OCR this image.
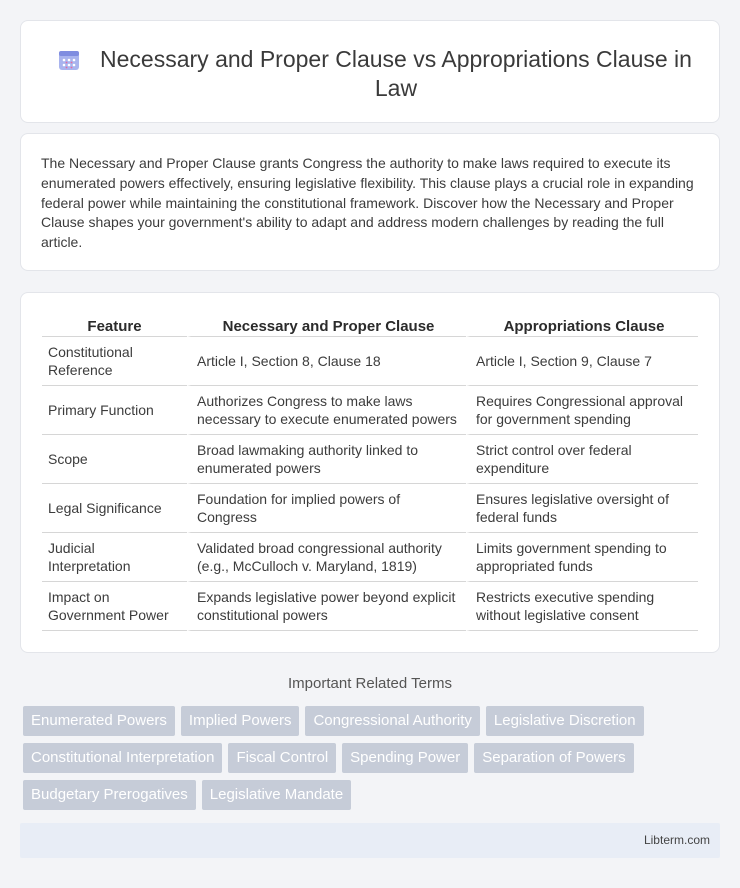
Necessary and Proper Clause vs Appropriations Clause in Law

The Necessary and Proper Clause grants Congress the authority to make laws required to execute its enumerated powers effectively, ensuring legislative flexibility. This clause plays a crucial role in expanding federal power while maintaining the constitutional framework. Discover how the Necessary and Proper Clause shapes your government's ability to adapt and address modern challenges by reading the full article.

Feature	Necessary and Proper Clause	Appropriations Clause
Constitutional Reference	Article I, Section 8, Clause 18	Article I, Section 9, Clause 7
Primary Function	Authorizes Congress to make laws necessary to execute enumerated powers	Requires Congressional approval for government spending
Scope	Broad lawmaking authority linked to enumerated powers	Strict control over federal expenditure
Legal Significance	Foundation for implied powers of Congress	Ensures legislative oversight of federal funds
Judicial Interpretation	Validated broad congressional authority (e.g., McCulloch v. Maryland, 1819)	Limits government spending to appropriated funds
Impact on Government Power	Expands legislative power beyond explicit constitutional powers	Restricts executive spending without legislative consent
Important Related Terms
Enumerated Powers	Implied Powers	Congressional Authority	Legislative Discretion
Constitutional Interpretation	Fiscal Control	Spending Power	Separation of Powers
Budgetary Prerogatives	Legislative Mandate
Libterm.com
